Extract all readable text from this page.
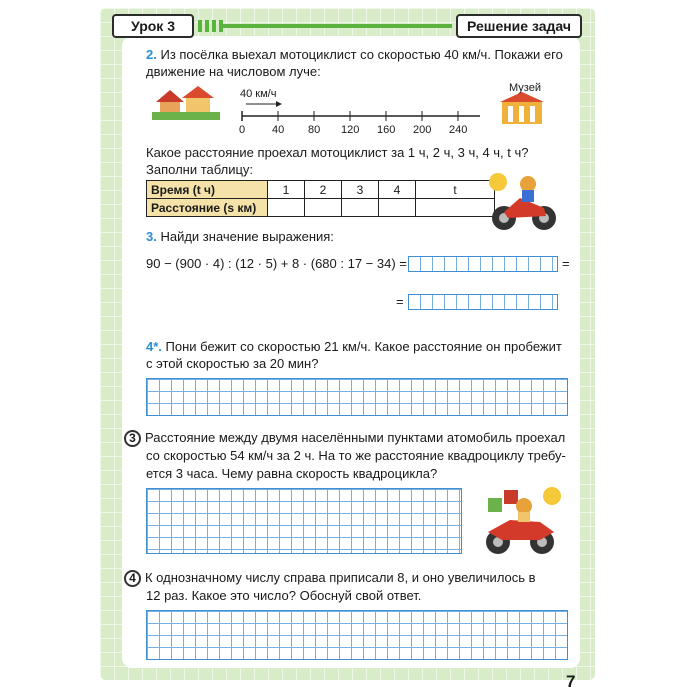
Урок 3	Решение задач
2. Из посёлка выехал мотоциклист со скоростью 40 км/ч. Покажи его
движение на числовом луче:
40 км/ч	Музей
0 40 80 120 160 200 240
Какое расстояние проехал мотоциклист за 1 ч, 2 ч, 3 ч, 4 ч, t ч?
Заполни таблицу:
Время (t ч)	1	2	3	4	t
Расстояние (s км)					
3. Найди значение выражения:
90 − (900 · 4) : (12 · 5) + 8 · (680 : 17 − 34) =	=
=
4*. Пони бежит со скоростью 21 км/ч. Какое расстояние он пробежит
с этой скоростью за 20 мин?
3 Расстояние между двумя населёнными пунктами атомобиль проехал
со скоростью 54 км/ч за 2 ч. На то же расстояние квадроциклу требу-
ется 3 часа. Чему равна скорость квадроцикла?
4 К однозначному числу справа приписали 8, и оно увеличилось в
12 раз. Какое это число? Обоснуй свой ответ.
7
